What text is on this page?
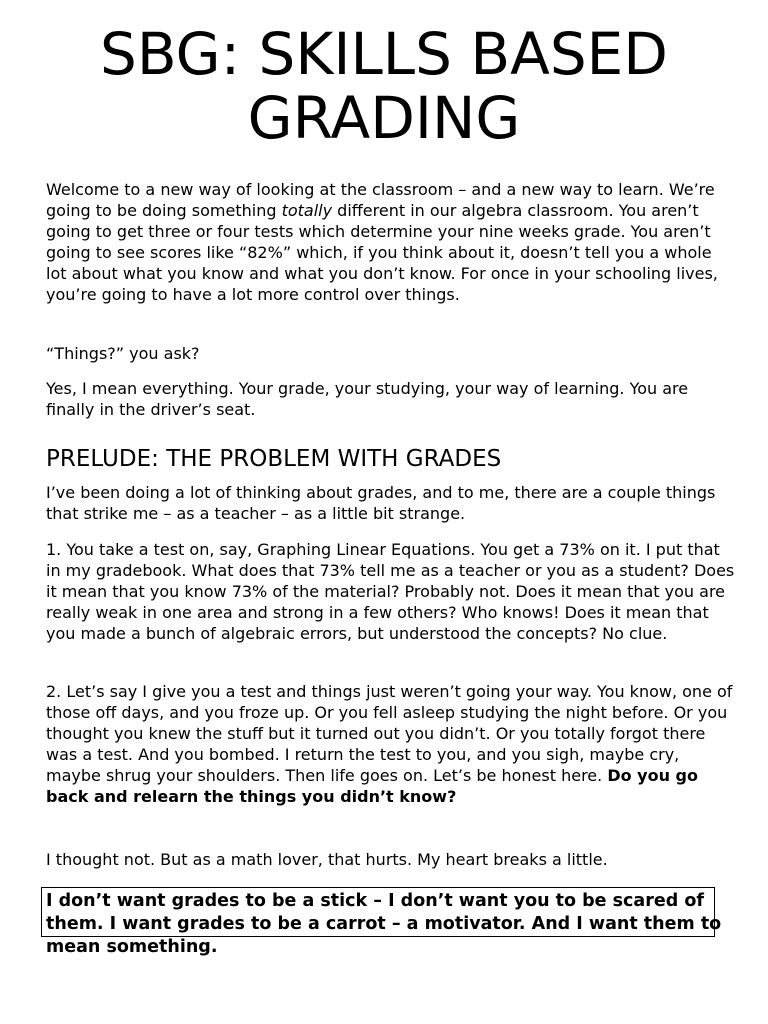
SBG: SKILLS BASED
GRADING

Welcome to a new way of looking at the classroom – and a new way to learn. We’re going to be doing something totally different in our algebra classroom. You aren’t going to get three or four tests which determine your nine weeks grade. You aren’t going to see scores like “82%” which, if you think about it, doesn’t tell you a whole lot about what you know and what you don’t know. For once in your schooling lives, you’re going to have a lot more control over things.

“Things?” you ask?

Yes, I mean everything. Your grade, your studying, your way of learning. You are finally in the driver’s seat.

PRELUDE: THE PROBLEM WITH GRADES

I’ve been doing a lot of thinking about grades, and to me, there are a couple things that strike me – as a teacher – as a little bit strange.

1. You take a test on, say, Graphing Linear Equations. You get a 73% on it. I put that in my gradebook. What does that 73% tell me as a teacher or you as a student? Does it mean that you know 73% of the material? Probably not. Does it mean that you are really weak in one area and strong in a few others? Who knows! Does it mean that you made a bunch of algebraic errors, but understood the concepts? No clue.

2. Let’s say I give you a test and things just weren’t going your way. You know, one of those off days, and you froze up. Or you fell asleep studying the night before. Or you thought you knew the stuff but it turned out you didn’t. Or you totally forgot there was a test. And you bombed. I return the test to you, and you sigh, maybe cry, maybe shrug your shoulders. Then life goes on. Let’s be honest here. Do you go back and relearn the things you didn’t know?

I thought not. But as a math lover, that hurts. My heart breaks a little.

I don’t want grades to be a stick – I don’t want you to be scared of them. I want grades to be a carrot – a motivator. And I want them to mean something.
